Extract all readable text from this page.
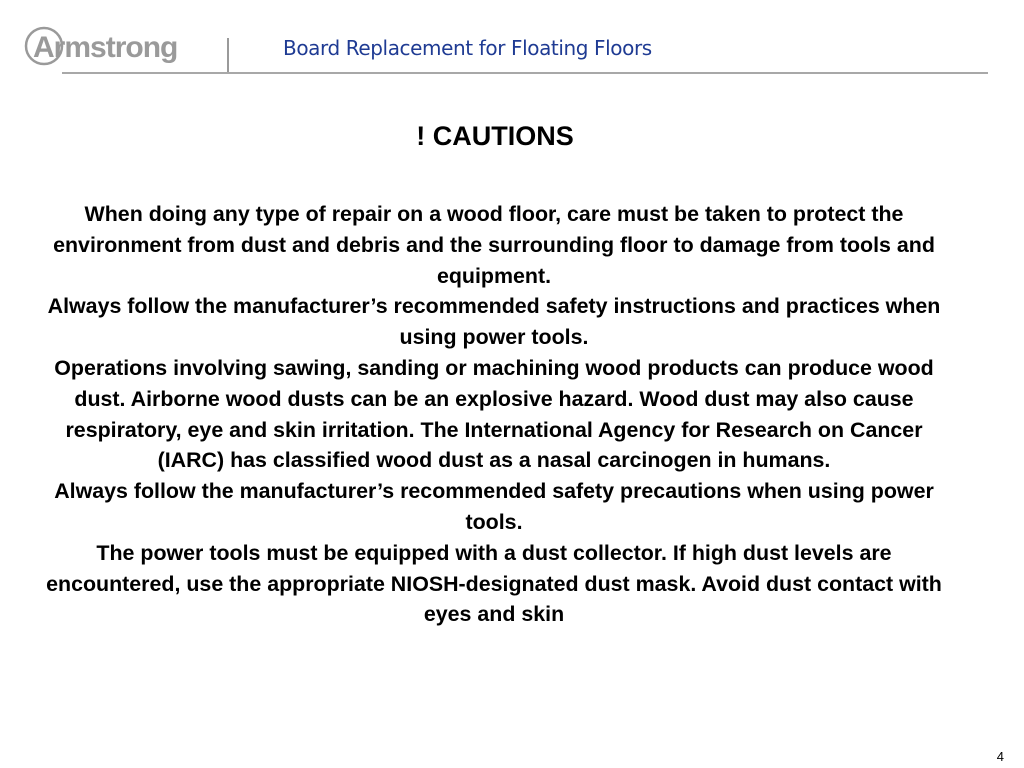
Armstrong	Board Replacement for Floating Floors
! CAUTIONS

When doing any type of repair on a wood floor, care must be taken to protect the environment from dust and debris and the surrounding floor to damage from tools and equipment.

Always follow the manufacturer’s recommended safety instructions and practices when using power tools.

Operations involving sawing, sanding or machining wood products can produce wood dust. Airborne wood dusts can be an explosive hazard. Wood dust may also cause respiratory, eye and skin irritation. The International Agency for Research on Cancer (IARC) has classified wood dust as a nasal carcinogen in humans.

Always follow the manufacturer’s recommended safety precautions when using power tools.

The power tools must be equipped with a dust collector. If high dust levels are encountered, use the appropriate NIOSH-designated dust mask. Avoid dust contact with eyes and skin

4
